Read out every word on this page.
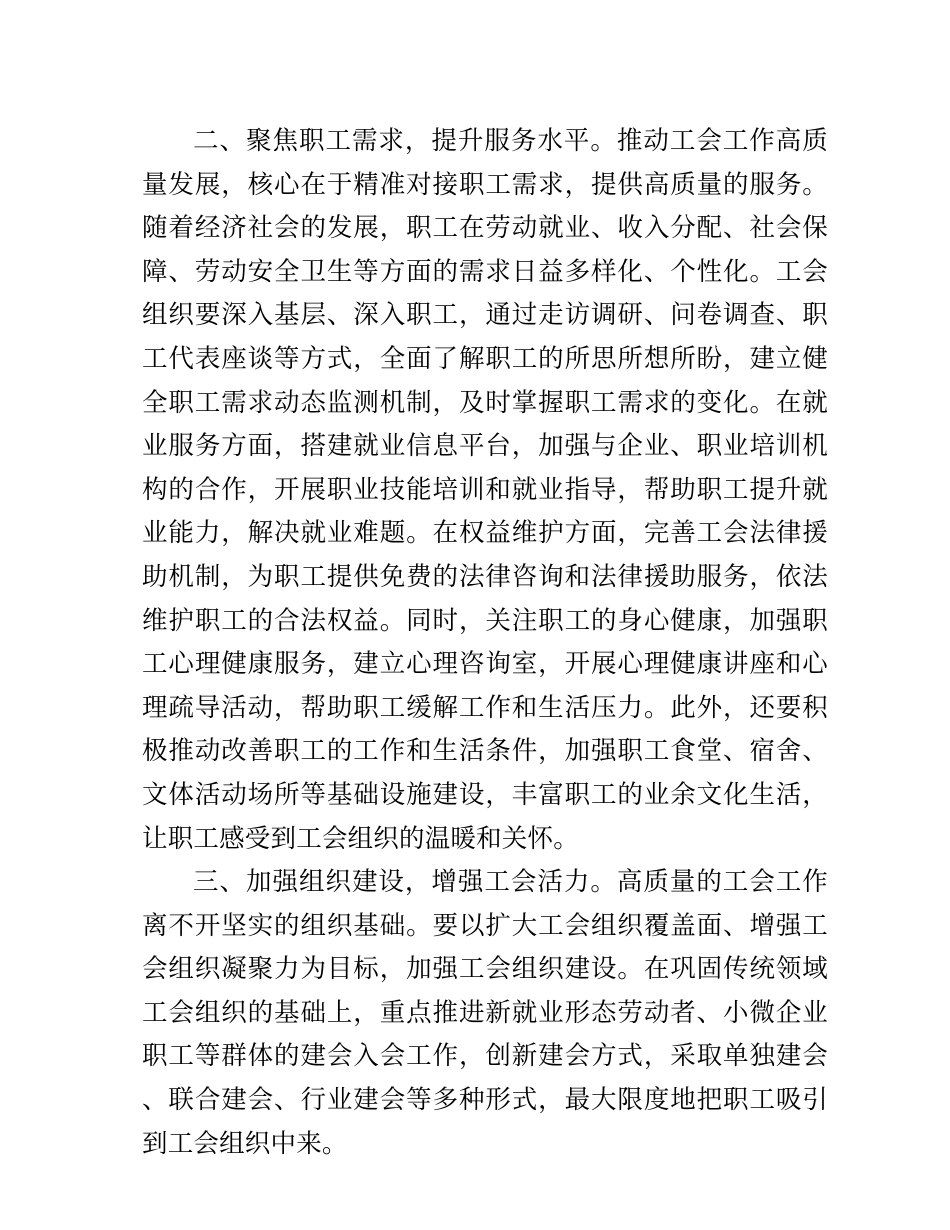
二、聚焦职工需求，提升服务水平。推动工会工作高质量发展，核心在于精准对接职工需求，提供高质量的服务。随着经济社会的发展，职工在劳动就业、收入分配、社会保障、劳动安全卫生等方面的需求日益多样化、个性化。工会组织要深入基层、深入职工，通过走访调研、问卷调查、职工代表座谈等方式，全面了解职工的所思所想所盼，建立健全职工需求动态监测机制，及时掌握职工需求的变化。在就业服务方面，搭建就业信息平台，加强与企业、职业培训机构的合作，开展职业技能培训和就业指导，帮助职工提升就业能力，解决就业难题。在权益维护方面，完善工会法律援助机制，为职工提供免费的法律咨询和法律援助服务，依法维护职工的合法权益。同时，关注职工的身心健康，加强职工心理健康服务，建立心理咨询室，开展心理健康讲座和心理疏导活动，帮助职工缓解工作和生活压力。此外，还要积极推动改善职工的工作和生活条件，加强职工食堂、宿舍、文体活动场所等基础设施建设，丰富职工的业余文化生活，让职工感受到工会组织的温暖和关怀。

三、加强组织建设，增强工会活力。高质量的工会工作离不开坚实的组织基础。要以扩大工会组织覆盖面、增强工会组织凝聚力为目标，加强工会组织建设。在巩固传统领域工会组织的基础上，重点推进新就业形态劳动者、小微企业职工等群体的建会入会工作，创新建会方式，采取单独建会、联合建会、行业建会等多种形式，最大限度地把职工吸引到工会组织中来。
